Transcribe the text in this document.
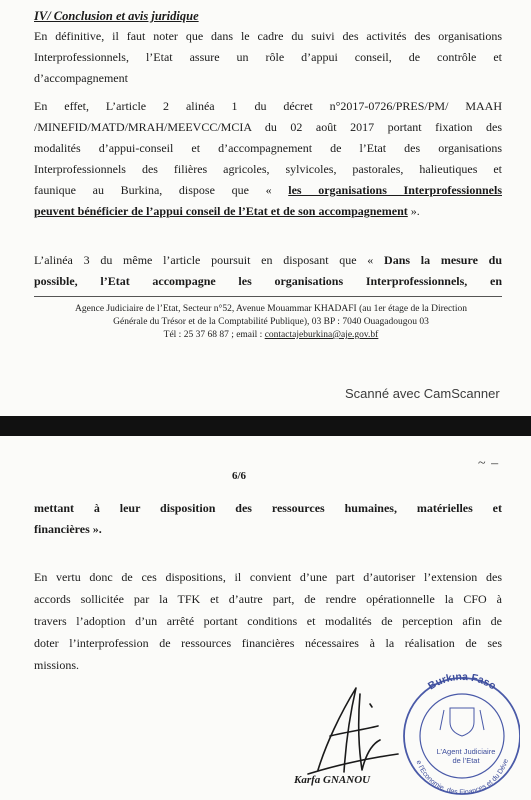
IV/ Conclusion et avis juridique
En définitive, il faut noter que dans le cadre du suivi des activités des organisations
Interprofessionnels, l’Etat assure un rôle d’appui conseil, de contrôle et
d’accompagnement
En effet, L’article 2 alinéa 1 du décret n°2017-0726/PRES/PM/ MAAH
/MINEFID/MATD/MRAH/MEEVCC/MCIA du 02 août 2017 portant fixation des
modalités d’appui-conseil et d’accompagnement de l’Etat des organisations
Interprofessionnels des filières agricoles, sylvicoles, pastorales, halieutiques et
faunique au Burkina, dispose que « les organisations Interprofessionnels
peuvent bénéficier de l’appui conseil de l’Etat et de son accompagnement ».
L’alinéa 3 du même l’article poursuit en disposant que « Dans la mesure du
possible, l’Etat accompagne les organisations Interprofessionnels, en
Agence Judiciaire de l’Etat, Secteur n°52, Avenue Mouammar KHADAFI (au 1er étage de la Direction
Générale du Trésor et de la Comptabilité Publique), 03 BP : 7040 Ouagadougou 03
Tél : 25 37 68 87 ; email : contactajeburkina@aje.gov.bf
Scanné avec CamScanner
~ –
6/6
mettant à leur disposition des ressources humaines, matérielles et
financières ».
En vertu donc de ces dispositions, il convient d’une part d’autoriser l’extension des
accords sollicitée par la TFK et d’autre part, de rendre opérationnelle la CFO à
travers l’adoption d’un arrêté portant conditions et modalités de perception afin de
doter l’interprofession de ressources financières nécessaires à la réalisation de ses
missions.
Burkina Faso
e l’Economie, des Finances et du Déve
L’Agent Judiciaire
de l’Etat
Karfa GNANOU
